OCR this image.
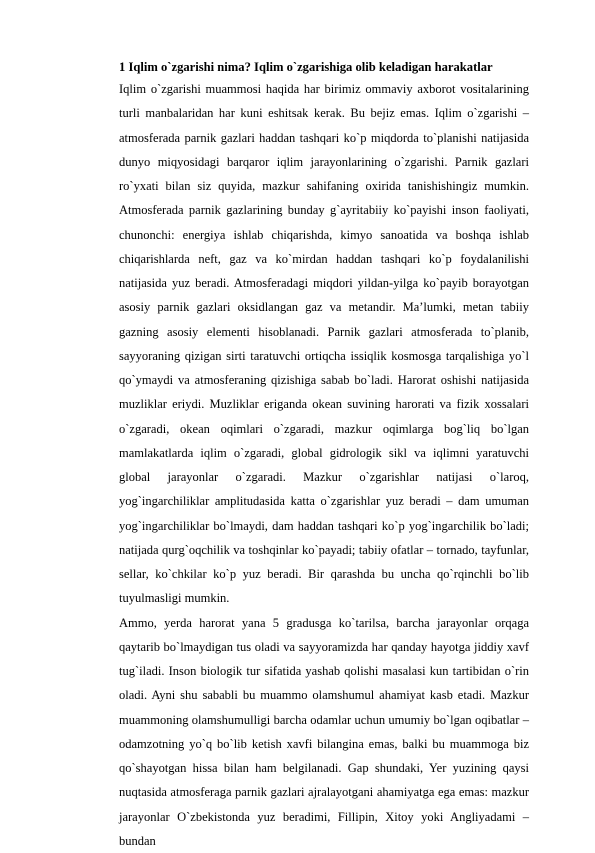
1 Iqlim o`zgarishi nima? Iqlim o`zgarishiga olib keladigan harakatlar

Iqlim o`zgarishi muammosi haqida har birimiz ommaviy axborot vositalarining turli manbalaridan har kuni eshitsak kerak. Bu bejiz emas. Iqlim o`zgarishi – atmosferada parnik gazlari haddan tashqari ko`p miqdorda to`planishi natijasida dunyo miqyosidagi barqaror iqlim jarayonlarining o`zgarishi. Parnik gazlari ro`yxati bilan siz quyida, mazkur sahifaning oxirida tanishishingiz mumkin. Atmosferada parnik gazlarining bunday g`ayritabiiy ko`payishi inson faoliyati, chunonchi: energiya ishlab chiqarishda, kimyo sanoatida va boshqa ishlab chiqarishlarda neft, gaz va ko`mirdan haddan tashqari ko`p foydalanilishi natijasida yuz beradi. Atmosferadagi miqdori yildan-yilga ko`payib borayotgan asosiy parnik gazlari oksidlangan gaz va metandir. Ma’lumki, metan tabiiy gazning asosiy elementi hisoblanadi. Parnik gazlari atmosferada to`planib, sayyoraning qizigan sirti taratuvchi ortiqcha issiqlik kosmosga tarqalishiga yo`l qo`ymaydi va atmosferaning qizishiga sabab bo`ladi. Harorat oshishi natijasida muzliklar eriydi. Muzliklar eriganda okean suvining harorati va fizik xossalari o`zgaradi, okean oqimlari o`zgaradi, mazkur oqimlarga bog`liq bo`lgan mamlakatlarda iqlim o`zgaradi, global gidrologik sikl va iqlimni yaratuvchi global jarayonlar o`zgaradi. Mazkur o`zgarishlar natijasi o`laroq, yog`ingarchiliklar amplitudasida katta o`zgarishlar yuz beradi – dam umuman yog`ingarchiliklar bo`lmaydi, dam haddan tashqari ko`p yog`ingarchilik bo`ladi; natijada qurg`oqchilik va toshqinlar ko`payadi; tabiiy ofatlar – tornado, tayfunlar, sellar, ko`chkilar ko`p yuz beradi. Bir qarashda bu uncha qo`rqinchli bo`lib tuyulmasligi mumkin.

Ammo, yerda harorat yana 5 gradusga ko`tarilsa, barcha jarayonlar orqaga qaytarib bo`lmaydigan tus oladi va sayyoramizda har qanday hayotga jiddiy xavf tug`iladi. Inson biologik tur sifatida yashab qolishi masalasi kun tartibidan o`rin oladi. Ayni shu sababli bu muammo olamshumul ahamiyat kasb etadi. Mazkur muammoning olamshumulligi barcha odamlar uchun umumiy bo`lgan oqibatlar – odamzotning yo`q bo`lib ketish xavfi bilangina emas, balki bu muammoga biz qo`shayotgan hissa bilan ham belgilanadi. Gap shundaki, Yer yuzining qaysi nuqtasida atmosferaga parnik gazlari ajralayotgani ahamiyatga ega emas: mazkur jarayonlar O`zbekistonda yuz beradimi, Fillipin, Xitoy yoki Angliyadami – bundan
